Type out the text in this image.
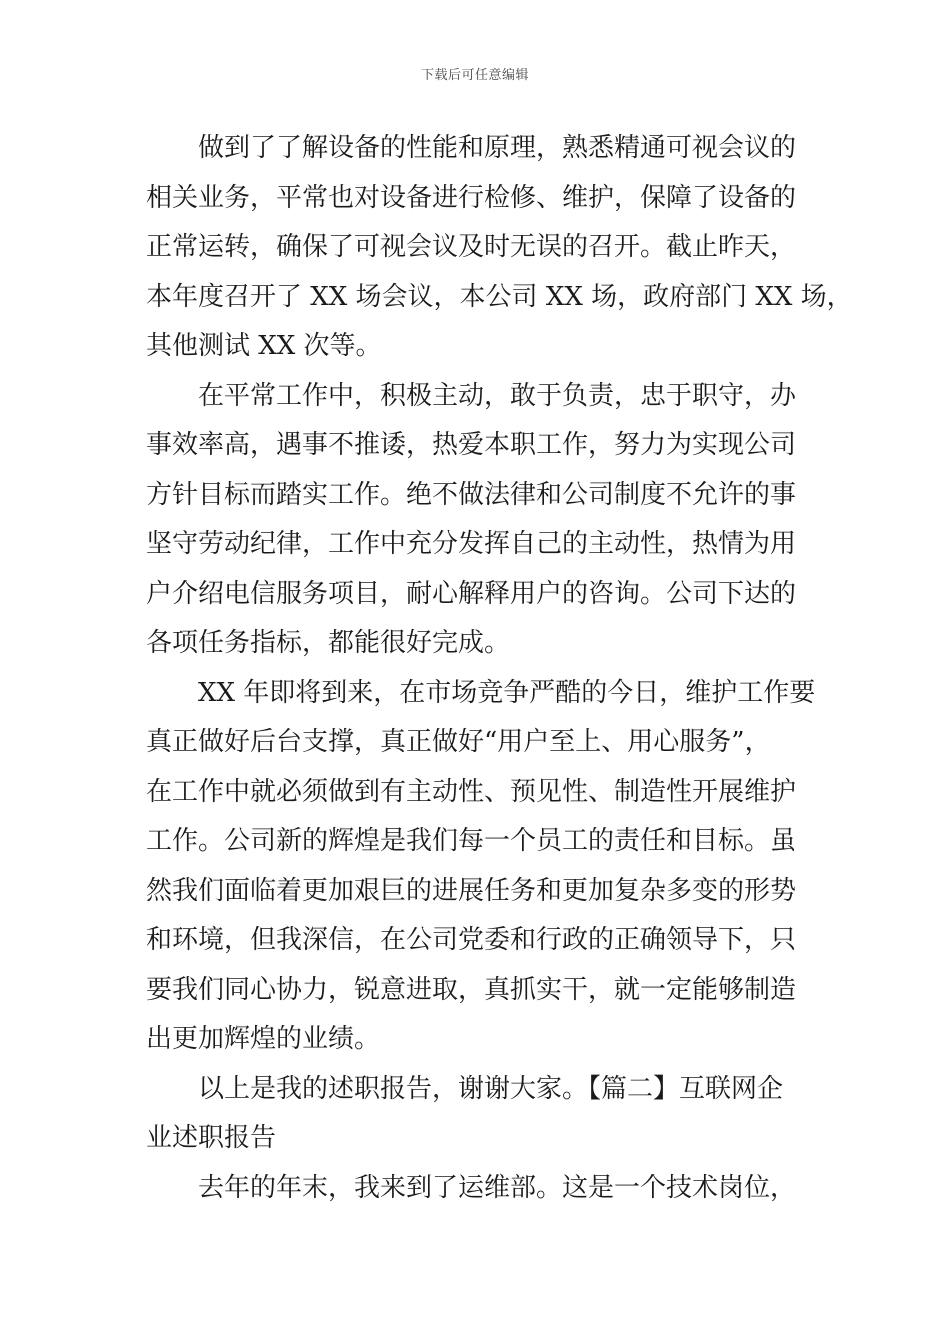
下载后可任意编辑

做到了了解设备的性能和原理，熟悉精通可视会议的
相关业务，平常也对设备进行检修、维护，保障了设备的
正常运转，确保了可视会议及时无误的召开。截止昨天，
本年度召开了 XX 场会议，本公司 XX 场，政府部门 XX 场，
其他测试 XX 次等。

在平常工作中，积极主动，敢于负责，忠于职守，办
事效率高，遇事不推诿，热爱本职工作，努力为实现公司
方针目标而踏实工作。绝不做法律和公司制度不允许的事
坚守劳动纪律，工作中充分发挥自己的主动性，热情为用
户介绍电信服务项目，耐心解释用户的咨询。公司下达的
各项任务指标，都能很好完成。

XX 年即将到来，在市场竞争严酷的今日，维护工作要
真正做好后台支撑，真正做好“用户至上、用心服务”，
在工作中就必须做到有主动性、预见性、制造性开展维护
工作。公司新的辉煌是我们每一个员工的责任和目标。虽
然我们面临着更加艰巨的进展任务和更加复杂多变的形势
和环境，但我深信，在公司党委和行政的正确领导下，只
要我们同心协力，锐意进取，真抓实干，就一定能够制造
出更加辉煌的业绩。

以上是我的述职报告，谢谢大家。【篇二】互联网企
业述职报告

去年的年末，我来到了运维部。这是一个技术岗位，
